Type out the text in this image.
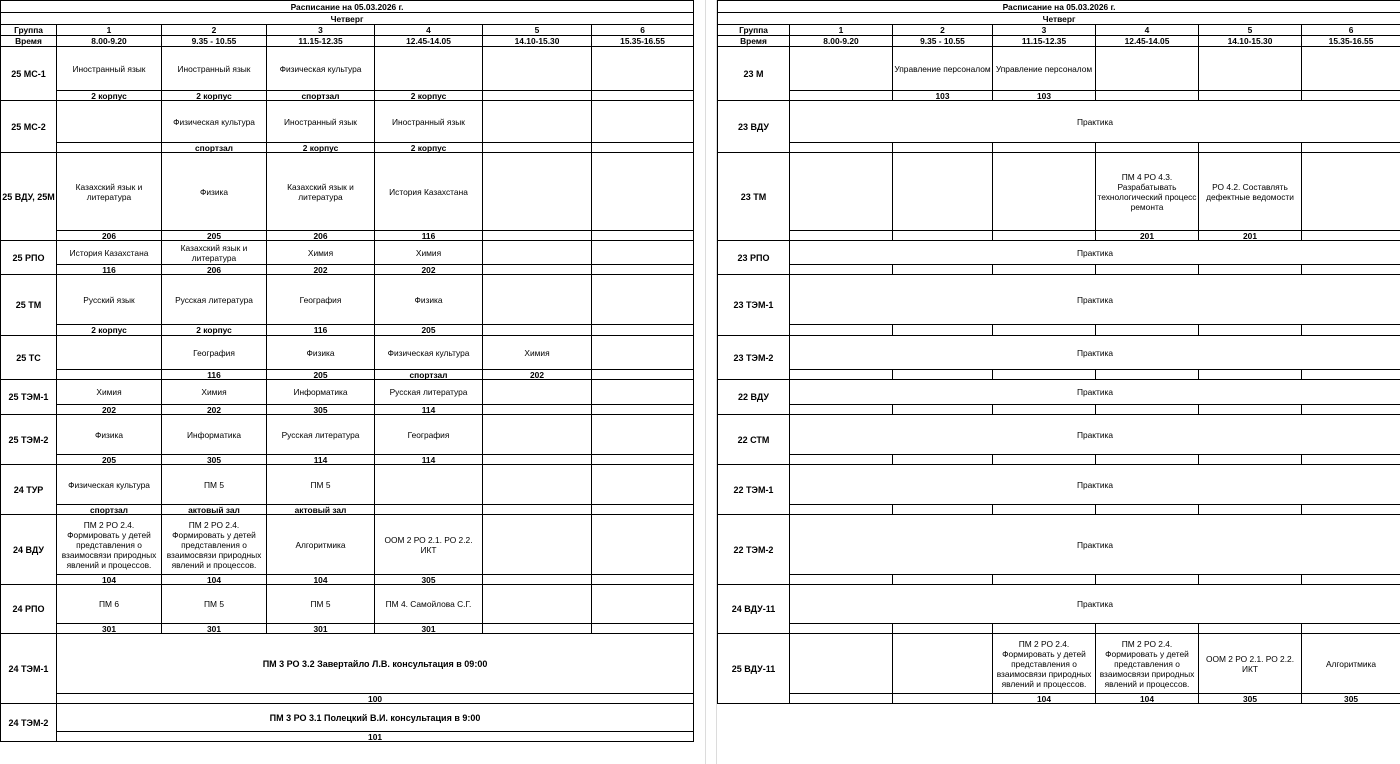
Расписание на 05.03.2026 г.						
Четверг						
Группа	1	2	3	4	5	6
Время	8.00-9.20	9.35 - 10.55	11.15-12.35	12.45-14.05	14.10-15.30	15.35-16.55
25 МС-1	Иностранный язык	Иностранный язык	Физическая культура			
	2 корпус	2 корпус	спортзал	2 корпус		
25 МС-2		Физическая культура	Иностранный язык	Иностранный язык		
		спортзал	2 корпус	2 корпус		
25 ВДУ, 25М	Казахский язык и литература	Физика	Казахский язык и литература	История Казахстана		
	206	205	206	116		
25 РПО	История Казахстана	Казахский язык и литература	Химия	Химия		
	116	206	202	202		
25 ТМ	Русский язык	Русская литература	География	Физика		
	2 корпус	2 корпус	116	205		
25 ТС		География	Физика	Физическая культура	Химия	
		116	205	спортзал	202	
25 ТЭМ-1	Химия	Химия	Информатика	Русская литература		
	202	202	305	114		
25 ТЭМ-2	Физика	Информатика	Русская литература	География		
	205	305	114	114		
24 ТУР	Физическая культура	ПМ 5	ПМ 5			
	спортзал	актовый зал	актовый зал			
24 ВДУ	ПМ 2 РО 2.4. Формировать у детей представления о взаимосвязи природных явлений и процессов.	ПМ 2 РО 2.4. Формировать у детей представления о взаимосвязи природных явлений и процессов.	Алгоритмика	ООМ 2 РО 2.1. РО 2.2. ИКТ		
	104	104	104	305		
24 РПО	ПМ 6	ПМ 5	ПМ 5	ПМ 4. Самойлова С.Г.		
	301	301	301	301		
24 ТЭМ-1	ПМ 3 РО 3.2 Завертайло Л.В. консультация в 09:00					
	100					
24 ТЭМ-2	ПМ 3 РО 3.1 Полецкий В.И. консультация в 9:00					
	101					
Расписание на 05.03.2026 г.						
Четверг						
Группа	1	2	3	4	5	6
Время	8.00-9.20	9.35 - 10.55	11.15-12.35	12.45-14.05	14.10-15.30	15.35-16.55
23 М		Управление персоналом	Управление персоналом			
		103	103			
23 ВДУ	Практика					

23 ТМ				ПМ 4 РО 4.3. Разрабатывать технологический процесс ремонта	РО 4.2. Составлять дефектные ведомости	
				201	201	
23 РПО	Практика					

23 ТЭМ-1	Практика					

23 ТЭМ-2	Практика					

22 ВДУ	Практика					

22 СТМ	Практика					

22 ТЭМ-1	Практика					

22 ТЭМ-2	Практика					

24 ВДУ-11	Практика					

25 ВДУ-11			ПМ 2 РО 2.4. Формировать у детей представления о взаимосвязи природных явлений и процессов.	ПМ 2 РО 2.4. Формировать у детей представления о взаимосвязи природных явлений и процессов.	ООМ 2 РО 2.1. РО 2.2. ИКТ	Алгоритмика
			104	104	305	305
